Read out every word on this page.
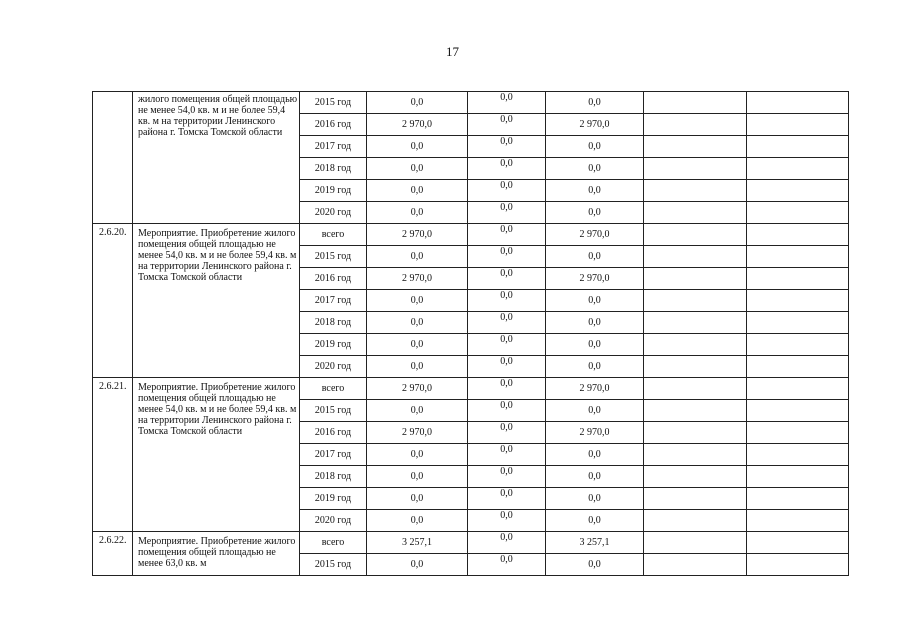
17
	жилого помещения общей площадью не менее 54,0 кв. м и не более 59,4 кв. м на территории Ленинского района г. Томска Томской области	2015 год	0,0	0,0	0,0		
		2016 год	2 970,0	0,0	2 970,0		
		2017 год	0,0	0,0	0,0		
		2018 год	0,0	0,0	0,0		
		2019 год	0,0	0,0	0,0		
		2020 год	0,0	0,0	0,0		
2.6.20.	Мероприятие. Приобретение жилого помещения общей площадью не менее 54,0 кв. м и не более 59,4 кв. м на территории Ленинского района г. Томска Томской области	всего	2 970,0	0,0	2 970,0		
		2015 год	0,0	0,0	0,0		
		2016 год	2 970,0	0,0	2 970,0		
		2017 год	0,0	0,0	0,0		
		2018 год	0,0	0,0	0,0		
		2019 год	0,0	0,0	0,0		
		2020 год	0,0	0,0	0,0		
2.6.21.	Мероприятие. Приобретение жилого помещения общей площадью не менее 54,0 кв. м и не более 59,4 кв. м на территории Ленинского района г. Томска Томской области	всего	2 970,0	0,0	2 970,0		
		2015 год	0,0	0,0	0,0		
		2016 год	2 970,0	0,0	2 970,0		
		2017 год	0,0	0,0	0,0		
		2018 год	0,0	0,0	0,0		
		2019 год	0,0	0,0	0,0		
		2020 год	0,0	0,0	0,0		
2.6.22.	Мероприятие. Приобретение жилого помещения общей площадью не менее 63,0 кв. м	всего	3 257,1	0,0	3 257,1		
		2015 год	0,0	0,0	0,0		
